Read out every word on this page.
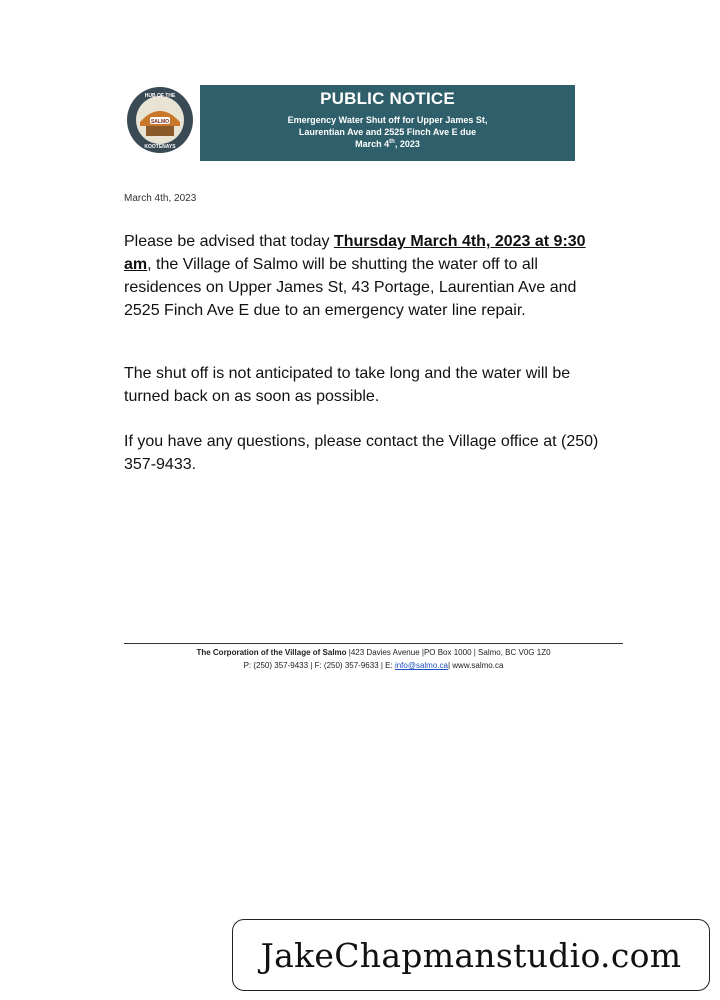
SALMO
HUB OF THE
KOOTENAYS
PUBLIC NOTICE
Emergency Water Shut off for Upper James St,
Laurentian Ave and 2525 Finch Ave E due
March 4th, 2023
March 4th, 2023
Please be advised that today Thursday March 4th, 2023 at 9:30 am, the Village of Salmo will be shutting the water off to all residences on Upper James St, 43 Portage, Laurentian Ave and 2525 Finch Ave E due to an emergency water line repair.
The shut off is not anticipated to take long and the water will be turned back on as soon as possible.
If you have any questions, please contact the Village office at (250) 357-9433.
The Corporation of the Village of Salmo |423 Davies Avenue |PO Box 1000 | Salmo, BC V0G 1Z0
P: (250) 357-9433 | F: (250) 357-9633 | E: info@salmo.ca| www.salmo.ca
JakeChapmanstudio.com
